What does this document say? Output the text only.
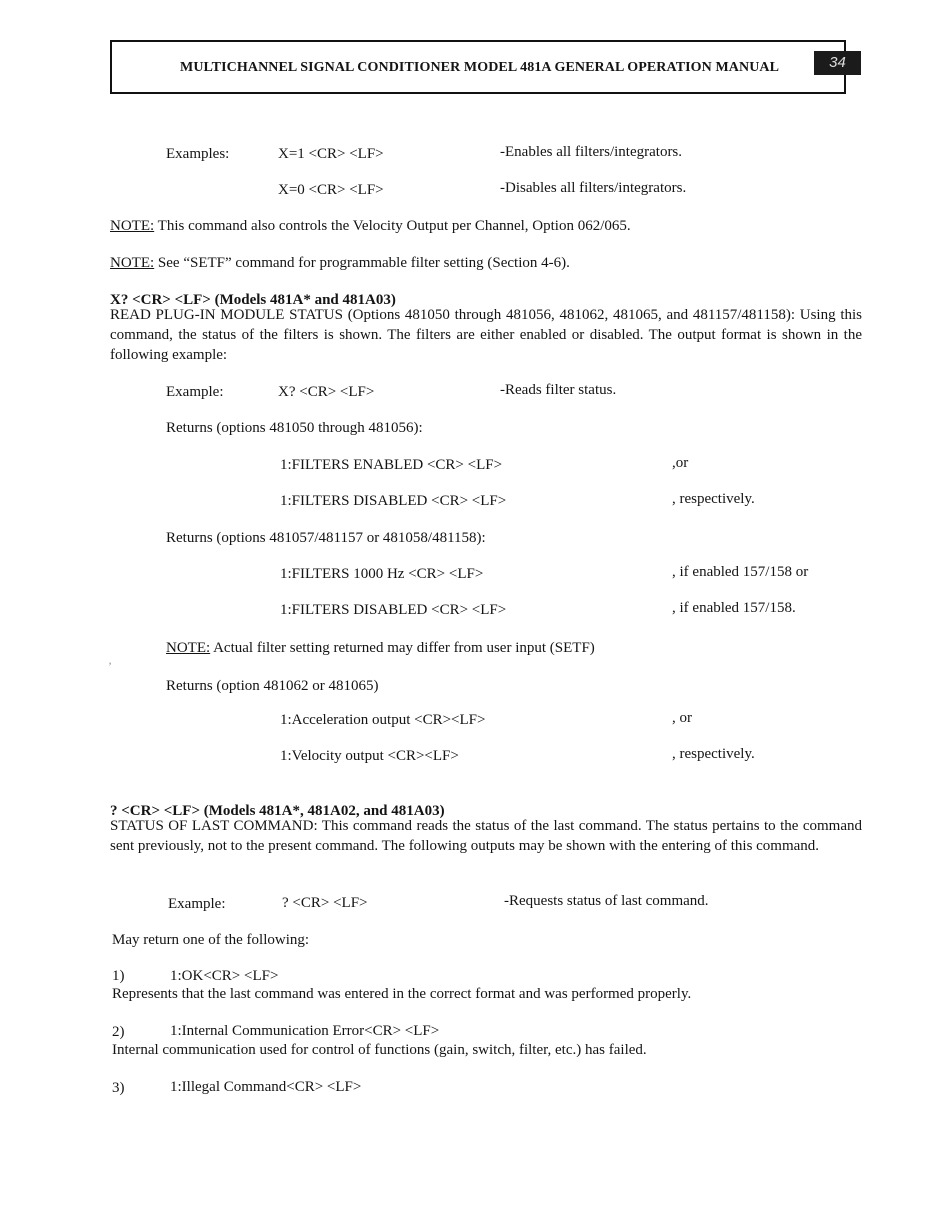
MULTICHANNEL SIGNAL CONDITIONER MODEL 481A GENERAL OPERATION MANUAL	34
Examples:	X=1 <CR> <LF>	-Enables all filters/integrators.
X=0 <CR> <LF>	-Disables all filters/integrators.
NOTE: This command also controls the Velocity Output per Channel, Option 062/065.
NOTE: See “SETF” command for programmable filter setting (Section 4-6).
X? <CR> <LF> (Models 481A* and 481A03)
READ PLUG-IN MODULE STATUS (Options 481050 through 481056, 481062, 481065, and 481157/481158): Using this command, the status of the filters is shown. The filters are either enabled or disabled. The output format is shown in the following example:
Example:	X? <CR> <LF>	-Reads filter status.
Returns (options 481050 through 481056):
1:FILTERS ENABLED <CR> <LF>	,or
1:FILTERS DISABLED <CR> <LF>	, respectively.
Returns (options 481057/481157 or 481058/481158):
1:FILTERS 1000 Hz <CR> <LF>	, if enabled 157/158 or
1:FILTERS DISABLED <CR> <LF>	, if enabled 157/158.
NOTE: Actual filter setting returned may differ from user input (SETF)
Returns (option 481062 or 481065)
1:Acceleration output <CR><LF>	, or
1:Velocity output <CR><LF>	, respectively.
? <CR> <LF> (Models 481A*, 481A02, and 481A03)
STATUS OF LAST COMMAND: This command reads the status of the last command. The status pertains to the command sent previously, not to the present command. The following outputs may be shown with the entering of this command.
Example:	? <CR> <LF>	-Requests status of last command.
May return one of the following:
1)	1:OK<CR> <LF>
Represents that the last command was entered in the correct format and was performed properly.
2)	1:Internal Communication Error<CR> <LF>
Internal communication used for control of functions (gain, switch, filter, etc.) has failed.
3)	1:Illegal Command<CR> <LF>
’
